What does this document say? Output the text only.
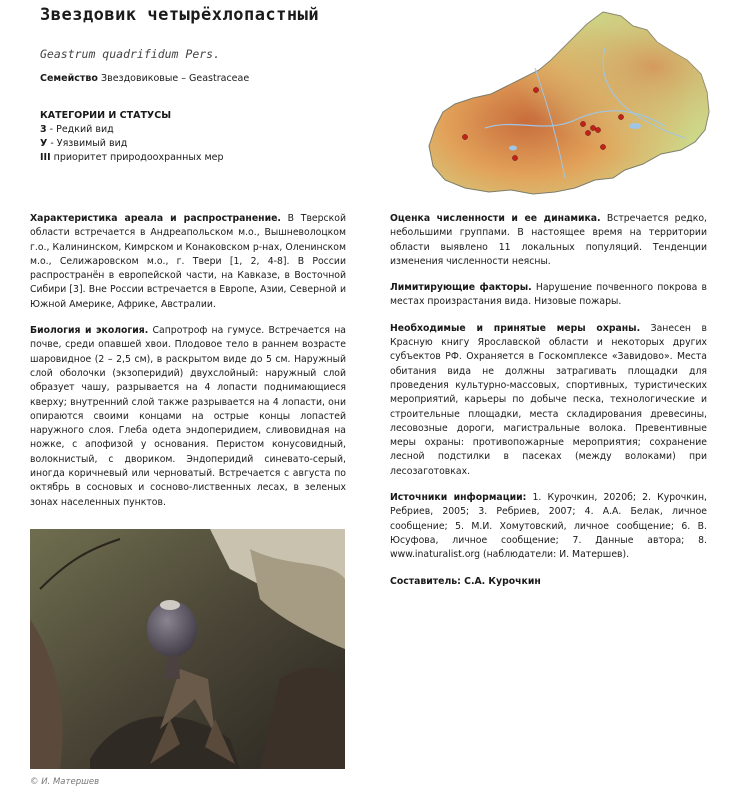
Звездовик четырёхлопастный
Geastrum quadrifidum Pers.
Семейство Звездовиковые – Geastraceae
КАТЕГОРИИ И СТАТУСЫ
3 - Редкий вид
У - Уязвимый вид
III приоритет природоохранных мер

Характеристика ареала и распространение. В Тверской области встречается в Андреапольском м.о., Вышневолоцком г.о., Калининском, Кимрском и Конаковском р-нах, Оленинском м.о., Селижаровском м.о., г. Твери [1, 2, 4-8]. В России распространён в европейской части, на Кавказе, в Восточной Сибири [3]. Вне России встречается в Европе, Азии, Северной и Южной Америке, Африке, Австралии.

Биология и экология. Сапротроф на гумусе. Встречается на почве, среди опавшей хвои. Плодовое тело в раннем возрасте шаровидное (2 – 2,5 см), в раскрытом виде до 5 см. Наружный слой оболочки (экзоперидий) двухслойный: наружный слой образует чашу, разрывается на 4 лопасти поднимающиеся кверху; внутренний слой также разрывается на 4 лопасти, они опираются своими концами на острые концы лопастей наружного слоя. Глеба одета эндоперидием, сливовидная на ножке, с апофизой у основания. Перистом конусовидный, волокнистый, с двориком. Эндоперидий синевато-серый, иногда коричневый или черноватый. Встречается с августа по октябрь в сосновых и сосново-лиственных лесах, в зеленых зонах населенных пунктов.

Оценка численности и ее динамика. Встречается редко, небольшими группами. В настоящее время на территории области выявлено 11 локальных популяций. Тенденции изменения численности неясны.

Лимитирующие факторы. Нарушение почвенного покрова в местах произрастания вида. Низовые пожары.

Необходимые и принятые меры охраны. Занесен в Красную книгу Ярославской области и некоторых других субъектов РФ. Охраняется в Госкомплексе «Завидово». Места обитания вида не должны затрагивать площадки для проведения культурно-массовых, спортивных, туристических мероприятий, карьеры по добыче песка, технологические и строительные площадки, места складирования древесины, лесовозные дороги, магистральные волока. Превентивные меры охраны: противопожарные мероприятия; сохранение лесной подстилки в пасеках (между волоками) при лесозаготовках.

Источники информации: 1. Курочкин, 2020б; 2. Курочкин, Ребриев, 2005; 3. Ребриев, 2007; 4. А.А. Белак, личное сообщение; 5. М.И. Хомутовский, личное сообщение; 6. В. Юсуфова, личное сообщение; 7. Данные автора; 8. www.inaturalist.org (наблюдатели: И. Матершев).

Составитель: С.А. Курочкин

© И. Матершев
